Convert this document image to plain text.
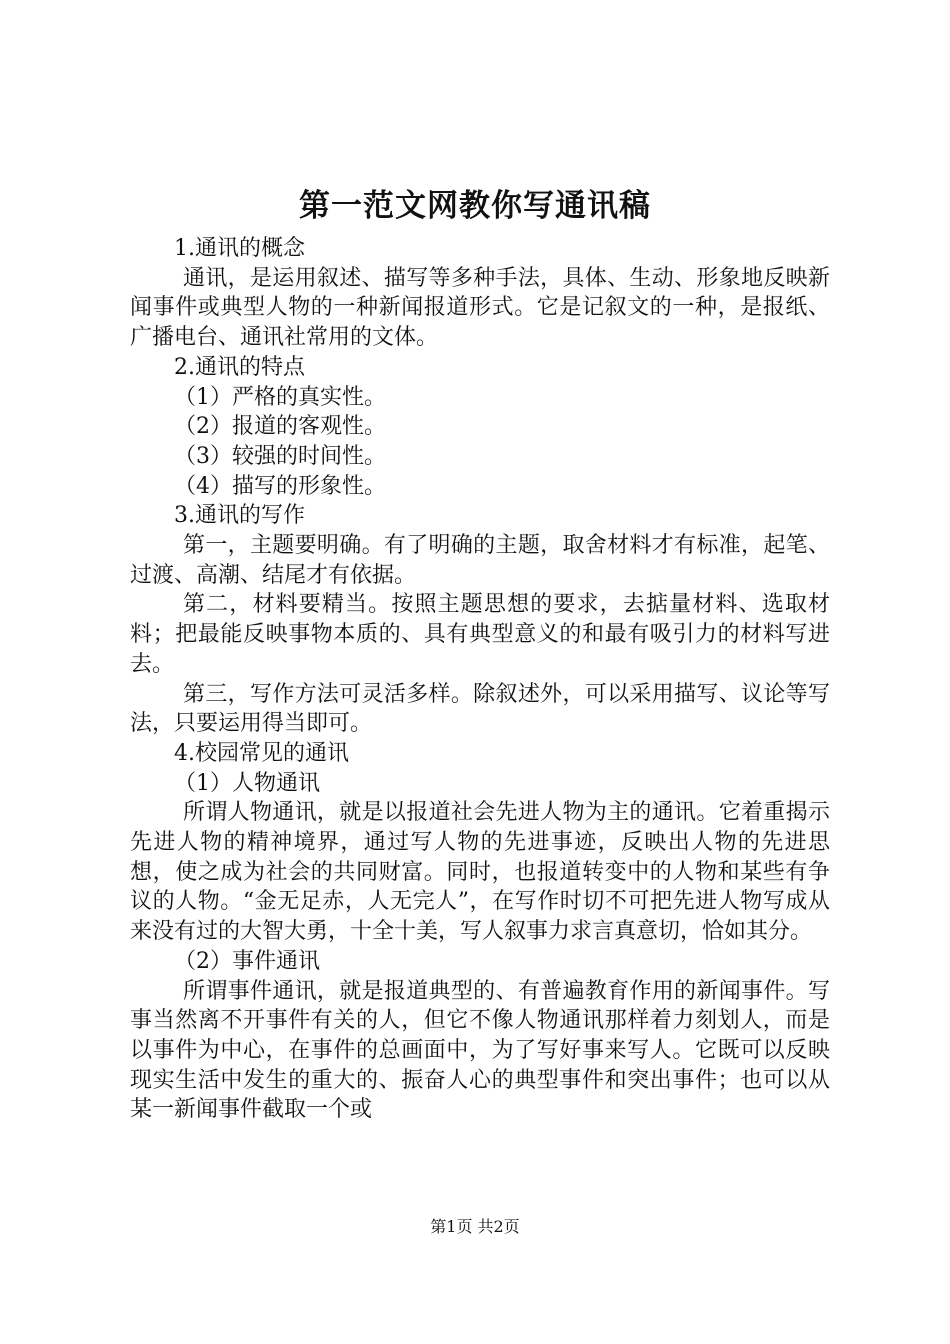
第一范文网教你写通讯稿

1.通讯的概念

通讯，是运用叙述、描写等多种手法，具体、生动、形象地反映新闻事件或典型人物的一种新闻报道形式。它是记叙文的一种，是报纸、广播电台、通讯社常用的文体。

2.通讯的特点

（1）严格的真实性。

（2）报道的客观性。

（3）较强的时间性。

（4）描写的形象性。

3.通讯的写作

第一，主题要明确。有了明确的主题，取舍材料才有标准，起笔、过渡、高潮、结尾才有依据。

第二，材料要精当。按照主题思想的要求，去掂量材料、选取材料；把最能反映事物本质的、具有典型意义的和最有吸引力的材料写进去。

第三，写作方法可灵活多样。除叙述外，可以采用描写、议论等写法，只要运用得当即可。

4.校园常见的通讯

（1）人物通讯

所谓人物通讯，就是以报道社会先进人物为主的通讯。它着重揭示先进人物的精神境界，通过写人物的先进事迹，反映出人物的先进思想，使之成为社会的共同财富。同时，也报道转变中的人物和某些有争议的人物。“金无足赤，人无完人”，在写作时切不可把先进人物写成从来没有过的大智大勇，十全十美，写人叙事力求言真意切，恰如其分。

（2）事件通讯

所谓事件通讯，就是报道典型的、有普遍教育作用的新闻事件。写事当然离不开事件有关的人，但它不像人物通讯那样着力刻划人，而是以事件为中心，在事件的总画面中，为了写好事来写人。它既可以反映现实生活中发生的重大的、振奋人心的典型事件和突出事件；也可以从某一新闻事件截取一个或

第1页 共2页
